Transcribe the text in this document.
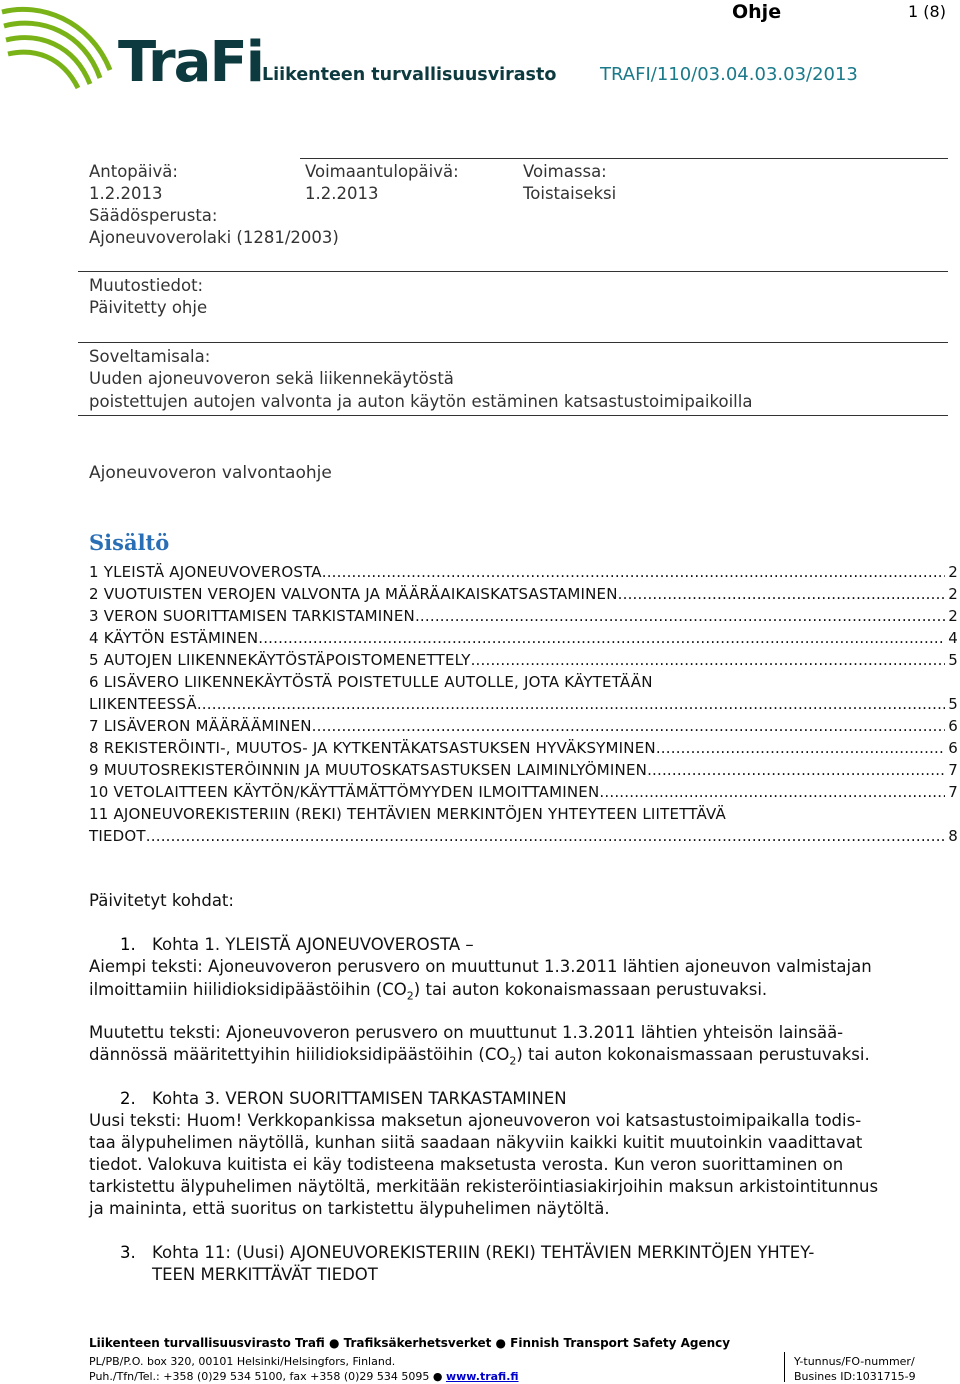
TraFi Liikenteen turvallisuusvirasto
Ohje	1 (8)
TRAFI/110/03.04.03.03/2013
Antopäivä:
1.2.2013
Voimaantulopäivä:
1.2.2013
Voimassa:
Toistaiseksi
Säädösperusta:
Ajoneuvoverolaki (1281/2003)
Muutostiedot:
Päivitetty ohje
Soveltamisala:
Uuden ajoneuvoveron sekä liikennekäytöstä
poistettujen autojen valvonta ja auton käytön estäminen katsastustoimipaikoilla
Ajoneuvoveron valvontaohje
Sisältö
1 YLEISTÄ AJONEUVOVEROSTA .....	2
2 VUOTUISTEN VEROJEN VALVONTA JA MÄÄRÄAIKAISKATSASTAMINEN .....	2
3 VERON SUORITTAMISEN TARKISTAMINEN .....	2
4 KÄYTÖN ESTÄMINEN .....	4
5 AUTOJEN LIIKENNEKÄYTÖSTÄPOISTOMENETTELY .....	5
6 LISÄVERO LIIKENNEKÄYTÖSTÄ POISTETULLE AUTOLLE, JOTA KÄYTETÄÄN
LIIKENTEESSÄ .....	5
7 LISÄVERON MÄÄRÄÄMINEN .....	6
8 REKISTERÖINTI-, MUUTOS- JA KYTKENTÄKATSASTUKSEN HYVÄKSYMINEN .....	6
9 MUUTOSREKISTERÖINNIN JA MUUTOSKATSASTUKSEN LAIMINLYÖMINEN .....	7
10 VETOLAITTEEN KÄYTÖN/KÄYTTÄMÄTTÖMYYDEN ILMOITTAMINEN .....	7
11 AJONEUVOREKISTERIIN (REKI) TEHTÄVIEN MERKINTÖJEN YHTEYTEEN LIITETTÄVÄ
TIEDOT .....	8
Päivitetyt kohdat:
1. Kohta 1. YLEISTÄ AJONEUVOVEROSTA –
Aiempi teksti: Ajoneuvoveron perusvero on muuttunut 1.3.2011 lähtien ajoneuvon valmistajan
ilmoittamiin hiilidioksidipäästöihin $(CO_2)$ tai auton kokonaismassaan perustuvaksi.
Muutettu teksti: Ajoneuvoveron perusvero on muuttunut 1.3.2011 lähtien yhteisön lainsää-
dännössä määritettyihin hiilidioksidipäästöihin $(CO_2)$ tai auton kokonaismassaan perustuvaksi.
2. Kohta 3. VERON SUORITTAMISEN TARKASTAMINEN
Uusi teksti: Huom! Verkkopankissa maksetun ajoneuvoveron voi katsastustoimipaikalla todis-
taa älypuhelimen näytöllä, kunhan siitä saadaan näkyviin kaikki kuitit muutoinkin vaadittavat
tiedot. Valokuva kuitista ei käy todisteena maksetusta verosta. Kun veron suorittaminen on
tarkistettu älypuhelimen näytöltä, merkitään rekisteröintiasiakirjoihin maksun arkistointitunnus
ja maininta, että suoritus on tarkistettu älypuhelimen näytöltä.
3. Kohta 11: (Uusi) AJONEUVOREKISTERIIN (REKI) TEHTÄVIEN MERKINTÖJEN YHTEY-
TEEN MERKITTÄVÄT TIEDOT
Liikenteen turvallisuusvirasto Trafi ● Trafiksäkerhetsverket ● Finnish Transport Safety Agency
PL/PB/P.O. box 320, 00101 Helsinki/Helsingfors, Finland.
Puh./Tfn/Tel.: +358 (0)29 534 5100, fax +358 (0)29 534 5095 ● www.trafi.fi
Y-tunnus/FO-nummer/
Busines ID:1031715-9
